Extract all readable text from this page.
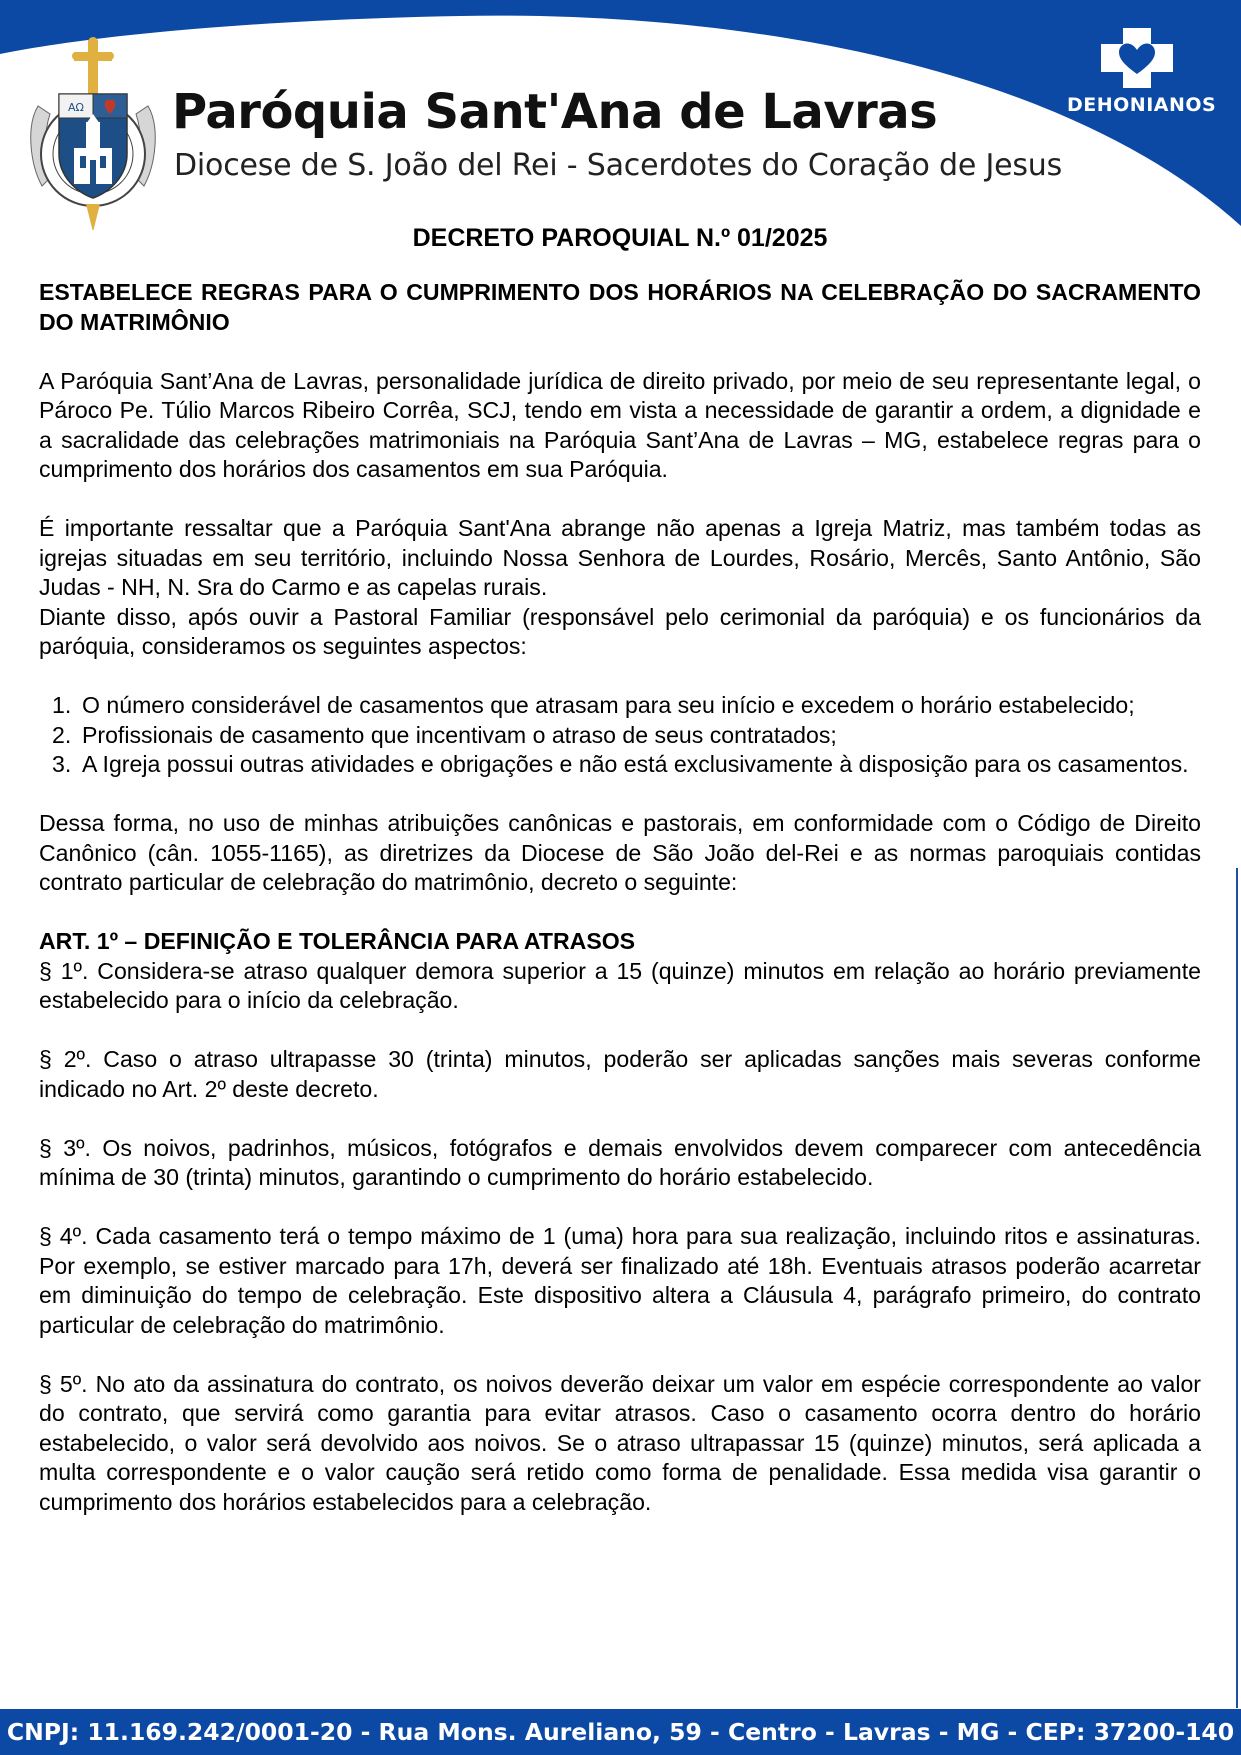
ΑΩ	DEHONIANOS
Paróquia Sant'Ana de Lavras
Diocese de S. João del Rei - Sacerdotes do Coração de Jesus

DECRETO PAROQUIAL N.º 01/2025

ESTABELECE REGRAS PARA O CUMPRIMENTO DOS HORÁRIOS NA CELEBRAÇÃO DO SACRAMENTO DO MATRIMÔNIO

A Paróquia Sant’Ana de Lavras, personalidade jurídica de direito privado, por meio de seu representante legal, o Pároco Pe. Túlio Marcos Ribeiro Corrêa, SCJ, tendo em vista a necessidade de garantir a ordem, a dignidade e a sacralidade das celebrações matrimoniais na Paróquia Sant’Ana de Lavras – MG, estabelece regras para o cumprimento dos horários dos casamentos em sua Paróquia.

É importante ressaltar que a Paróquia Sant'Ana abrange não apenas a Igreja Matriz, mas também todas as igrejas situadas em seu território, incluindo Nossa Senhora de Lourdes, Rosário, Mercês, Santo Antônio, São Judas - NH, N. Sra do Carmo e as capelas rurais.

Diante disso, após ouvir a Pastoral Familiar (responsável pelo cerimonial da paróquia) e os funcionários da paróquia, consideramos os seguintes aspectos:

1. O número considerável de casamentos que atrasam para seu início e excedem o horário estabelecido;
2. Profissionais de casamento que incentivam o atraso de seus contratados;
3. A Igreja possui outras atividades e obrigações e não está exclusivamente à disposição para os casamentos.

Dessa forma, no uso de minhas atribuições canônicas e pastorais, em conformidade com o Código de Direito Canônico (cân. 1055-1165), as diretrizes da Diocese de São João del-Rei e as normas paroquiais contidas contrato particular de celebração do matrimônio, decreto o seguinte:

ART. 1º – DEFINIÇÃO E TOLERÂNCIA PARA ATRASOS

§ 1º. Considera-se atraso qualquer demora superior a 15 (quinze) minutos em relação ao horário previamente estabelecido para o início da celebração.

§ 2º. Caso o atraso ultrapasse 30 (trinta) minutos, poderão ser aplicadas sanções mais severas conforme indicado no Art. 2º deste decreto.

§ 3º. Os noivos, padrinhos, músicos, fotógrafos e demais envolvidos devem comparecer com antecedência mínima de 30 (trinta) minutos, garantindo o cumprimento do horário estabelecido.

§ 4º. Cada casamento terá o tempo máximo de 1 (uma) hora para sua realização, incluindo ritos e assinaturas. Por exemplo, se estiver marcado para 17h, deverá ser finalizado até 18h. Eventuais atrasos poderão acarretar em diminuição do tempo de celebração. Este dispositivo altera a Cláusula 4, parágrafo primeiro, do contrato particular de celebração do matrimônio.

§ 5º. No ato da assinatura do contrato, os noivos deverão deixar um valor em espécie correspondente ao valor do contrato, que servirá como garantia para evitar atrasos. Caso o casamento ocorra dentro do horário estabelecido, o valor será devolvido aos noivos. Se o atraso ultrapassar 15 (quinze) minutos, será aplicada a multa correspondente e o valor caução será retido como forma de penalidade. Essa medida visa garantir o cumprimento dos horários estabelecidos para a celebração.

CNPJ: 11.169.242/0001-20 - Rua Mons. Aureliano, 59 - Centro - Lavras - MG - CEP: 37200-140
